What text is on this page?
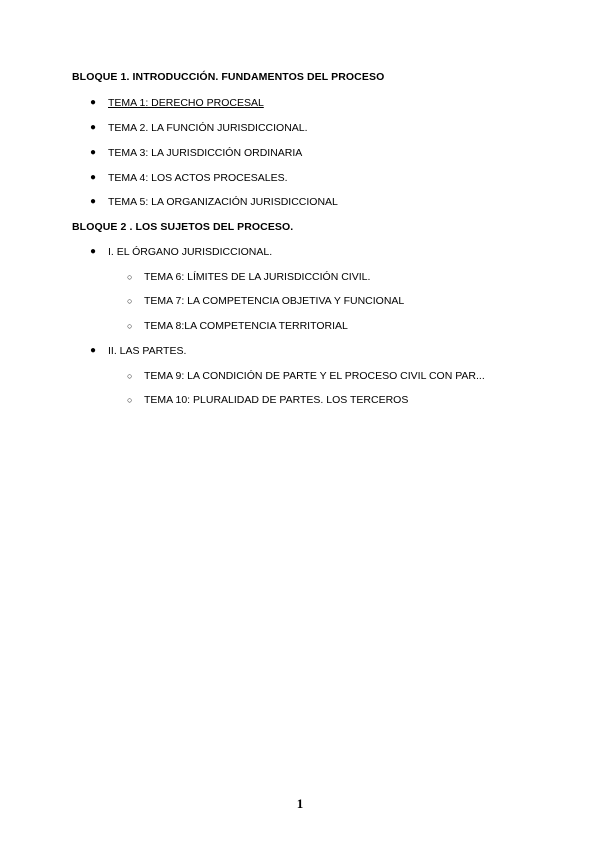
BLOQUE 1. INTRODUCCIÓN. FUNDAMENTOS DEL PROCESO
● TEMA 1: DERECHO PROCESAL
● TEMA 2. LA FUNCIÓN JURISDICCIONAL.
● TEMA 3: LA JURISDICCIÓN ORDINARIA
● TEMA 4: LOS ACTOS PROCESALES.
● TEMA 5: LA ORGANIZACIÓN JURISDICCIONAL
BLOQUE 2 . LOS SUJETOS DEL PROCESO.
● I. EL ÓRGANO JURISDICCIONAL.
○ TEMA 6: LÍMITES DE LA JURISDICCIÓN CIVIL.
○ TEMA 7: LA COMPETENCIA OBJETIVA Y FUNCIONAL
○ TEMA 8:LA COMPETENCIA TERRITORIAL
● II. LAS PARTES.
○ TEMA 9: LA CONDICIÓN DE PARTE Y EL PROCESO CIVIL CON PAR...
○ TEMA 10: PLURALIDAD DE PARTES. LOS TERCEROS
1
